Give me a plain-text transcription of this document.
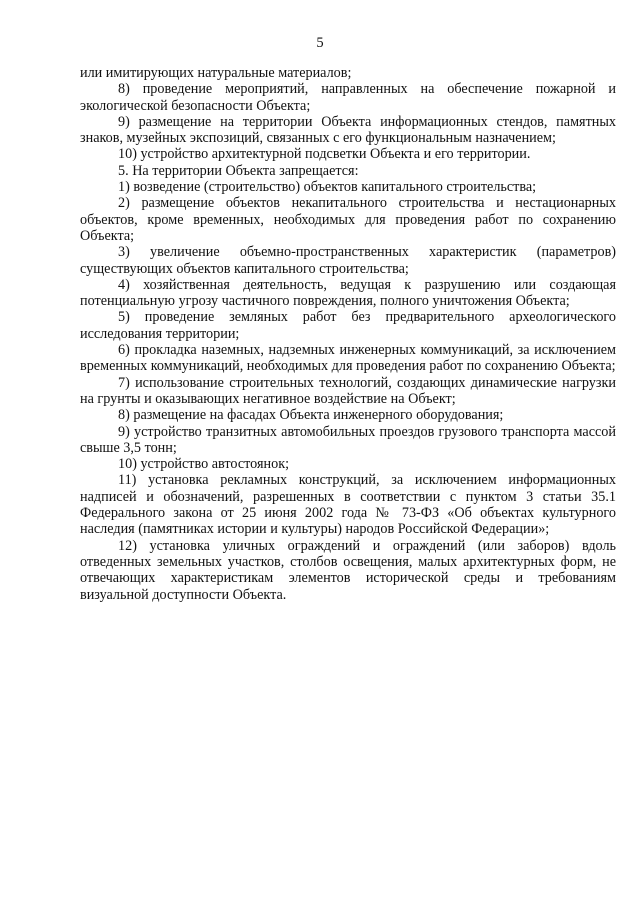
5

или имитирующих натуральные материалов;

8) проведение мероприятий, направленных на обеспечение пожарной и экологической безопасности Объекта;

9) размещение на территории Объекта информационных стендов, памятных знаков, музейных экспозиций, связанных с его функциональным назначением;

10) устройство архитектурной подсветки Объекта и его территории.

5. На территории Объекта запрещается:

1) возведение (строительство) объектов капитального строительства;

2) размещение объектов некапитального строительства и нестационарных объектов, кроме временных, необходимых для проведения работ по сохранению Объекта;

3) увеличение объемно-пространственных характеристик (параметров) существующих объектов капитального строительства;

4) хозяйственная деятельность, ведущая к разрушению или создающая потенциальную угрозу частичного повреждения, полного уничтожения Объекта;

5) проведение земляных работ без предварительного археологического исследования территории;

6) прокладка наземных, надземных инженерных коммуникаций, за исключением временных коммуникаций, необходимых для проведения работ по сохранению Объекта;

7) использование строительных технологий, создающих динамические нагрузки на грунты и оказывающих негативное воздействие на Объект;

8) размещение на фасадах Объекта инженерного оборудования;

9) устройство транзитных автомобильных проездов грузового транспорта массой свыше 3,5 тонн;

10) устройство автостоянок;

11) установка рекламных конструкций, за исключением информационных надписей и обозначений, разрешенных в соответствии с пунктом 3 статьи 35.1 Федерального закона от 25 июня 2002 года № 73-ФЗ «Об объектах культурного наследия (памятниках истории и культуры) народов Российской Федерации»;

12) установка уличных ограждений и ограждений (или заборов) вдоль отведенных земельных участков, столбов освещения, малых архитектурных форм, не отвечающих характеристикам элементов исторической среды и требованиям визуальной доступности Объекта.
